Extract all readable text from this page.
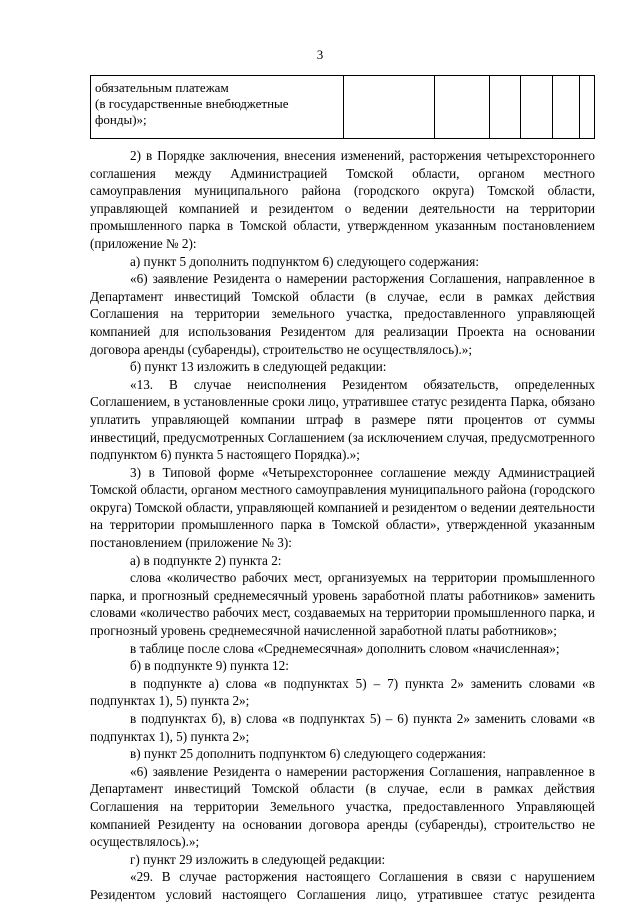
3
обязательным платежам
(в государственные внебюджетные
фонды)»;

2) в Порядке заключения, внесения изменений, расторжения четырехстороннего соглашения между Администрацией Томской области, органом местного самоуправления муниципального района (городского округа) Томской области, управляющей компанией и резидентом о ведении деятельности на территории промышленного парка в Томской области, утвержденном указанным постановлением (приложение № 2):

а) пункт 5 дополнить подпунктом 6) следующего содержания:

«6) заявление Резидента о намерении расторжения Соглашения, направленное в Департамент инвестиций Томской области (в случае, если в рамках действия Соглашения на территории земельного участка, предоставленного управляющей компанией для использования Резидентом для реализации Проекта на основании договора аренды (субаренды), строительство не осуществлялось).»;

б) пункт 13 изложить в следующей редакции:

«13. В случае неисполнения Резидентом обязательств, определенных Соглашением, в установленные сроки лицо, утратившее статус резидента Парка, обязано уплатить управляющей компании штраф в размере пяти процентов от суммы инвестиций, предусмотренных Соглашением (за исключением случая, предусмотренного подпунктом 6) пункта 5 настоящего Порядка).»;

3) в Типовой форме «Четырехстороннее соглашение между Администрацией Томской области, органом местного самоуправления муниципального района (городского округа) Томской области, управляющей компанией и резидентом о ведении деятельности на территории промышленного парка в Томской области», утвержденной указанным постановлением (приложение № 3):

а) в подпункте 2) пункта 2:

слова «количество рабочих мест, организуемых на территории промышленного парка, и прогнозный среднемесячный уровень заработной платы работников» заменить словами «количество рабочих мест, создаваемых на территории промышленного парка, и прогнозный уровень среднемесячной начисленной заработной платы работников»;

в таблице после слова «Среднемесячная» дополнить словом «начисленная»;

б) в подпункте 9) пункта 12:

в подпункте а) слова «в подпунктах 5) – 7) пункта 2» заменить словами «в подпунктах 1), 5) пункта 2»;

в подпунктах б), в) слова «в подпунктах 5) – 6) пункта 2» заменить словами «в подпунктах 1), 5) пункта 2»;

в) пункт 25 дополнить подпунктом 6) следующего содержания:

«6) заявление Резидента о намерении расторжения Соглашения, направленное в Департамент инвестиций Томской области (в случае, если в рамках действия Соглашения на территории Земельного участка, предоставленного Управляющей компанией Резиденту на основании договора аренды (субаренды), строительство не осуществлялось).»;

г) пункт 29 изложить в следующей редакции:

«29. В случае расторжения настоящего Соглашения в связи с нарушением Резидентом условий настоящего Соглашения лицо, утратившее статус резидента
